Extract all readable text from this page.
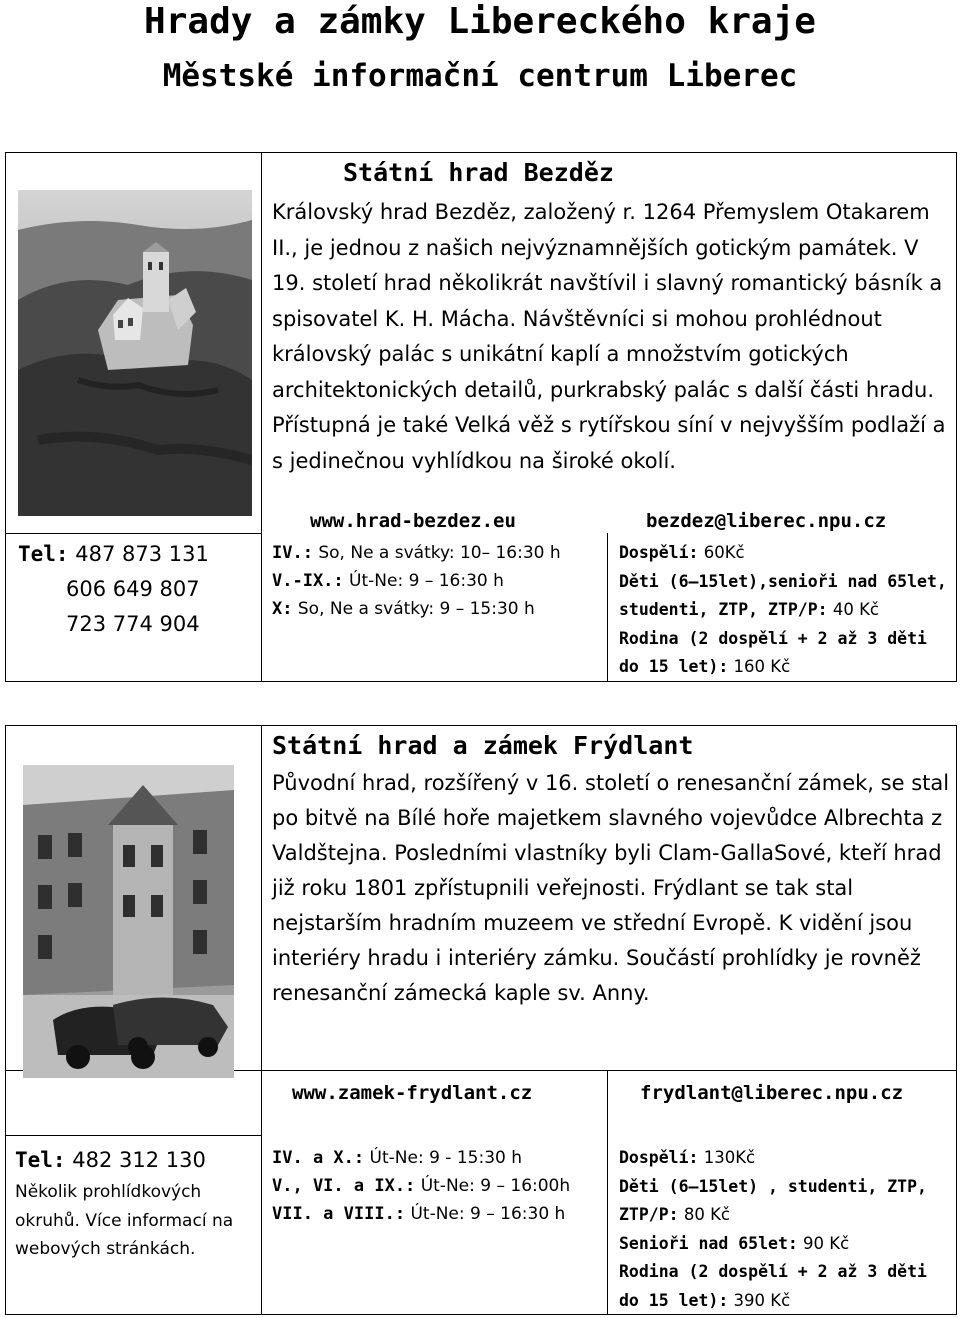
Hrady a zámky Libereckého kraje
Městské informační centrum Liberec
Tel: 487 873 131
606 649 807
723 774 904
Státní hrad Bezděz
Královský hrad Bezděz, založený r. 1264 Přemyslem Otakarem II., je jednou z našich nejvýznamnějších gotickým památek. V 19. století hrad několikrát navštívil i slavný romantický básník a spisovatel K. H. Mácha. Návštěvníci si mohou prohlédnout královský palác s unikátní kaplí a množstvím gotických architektonických detailů, purkrabský palác s další části hradu. Přístupná je také Velká věž s rytířskou síní v nejvyšším podlaží a s jedinečnou vyhlídkou na široké okolí.
www.hrad-bezdez.eu	bezdez@liberec.npu.cz
IV.: So, Ne a svátky: 10– 16:30 h
V.-IX.: Út-Ne: 9 – 16:30 h
X: So, Ne a svátky: 9 – 15:30 h
Dospělí: 60Kč
Děti (6–15let),senioři nad 65let, studenti, ZTP, ZTP/P: 40 Kč
Rodina (2 dospělí + 2 až 3 děti do 15 let): 160 Kč
Státní hrad a zámek Frýdlant
Původní hrad, rozšířený v 16. století o renesanční zámek, se stal po bitvě na Bílé hoře majetkem slavného vojevůdce Albrechta z Valdštejna. Posledními vlastníky byli Clam-GallaSové, kteří hrad již roku 1801 zpřístupnili veřejnosti. Frýdlant se tak stal nejstarším hradním muzeem ve střední Evropě. K vidění jsou interiéry hradu i interiéry zámku. Součástí prohlídky je rovněž renesanční zámecká kaple sv. Anny.
www.zamek-frydlant.cz	frydlant@liberec.npu.cz
Tel: 482 312 130
Několik prohlídkových okruhů. Více informací na webových stránkách.
IV. a X.: Út-Ne: 9 - 15:30 h
V., VI. a IX.: Út-Ne: 9 – 16:00h
VII. a VIII.: Út-Ne: 9 – 16:30 h
Dospělí: 130Kč
Děti (6–15let) , studenti, ZTP, ZTP/P: 80 Kč
Senioři nad 65let: 90 Kč
Rodina (2 dospělí + 2 až 3 děti do 15 let): 390 Kč
